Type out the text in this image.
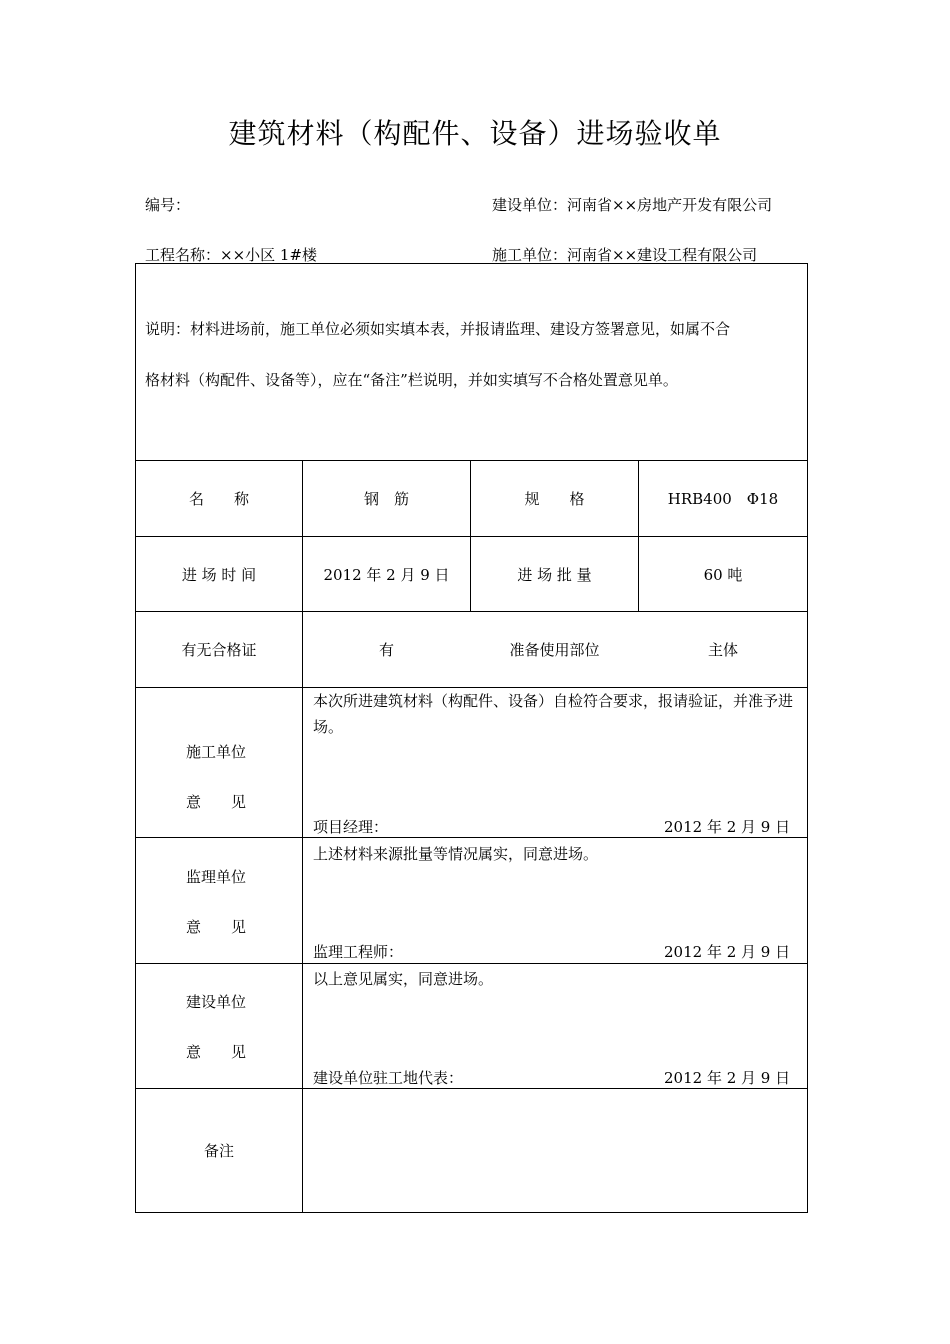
建筑材料（构配件、设备）进场验收单
编号：	建设单位：河南省××房地产开发有限公司
工程名称：××小区 1#楼	施工单位：河南省××建设工程有限公司
说明：材料进场前，施工单位必须如实填本表，并报请监理、建设方签署意见，如属不合
格材料（构配件、设备等），应在“备注”栏说明，并如实填写不合格处置意见单。
名　　称	钢　筋	规　　格	HRB400　Φ18
进 场 时 间	2012 年 2 月 9 日	进 场 批 量	60 吨
有无合格证	有	准备使用部位	主体
施工单位
意　　见
本次所进建筑材料（构配件、设备）自检符合要求，报请验证，并准予进场。
项目经理：	2012 年 2 月 9 日
监理单位
意　　见
上述材料来源批量等情况属实，同意进场。
监理工程师：	2012 年 2 月 9 日
建设单位
意　　见
以上意见属实，同意进场。
建设单位驻工地代表：	2012 年 2 月 9 日
备注
